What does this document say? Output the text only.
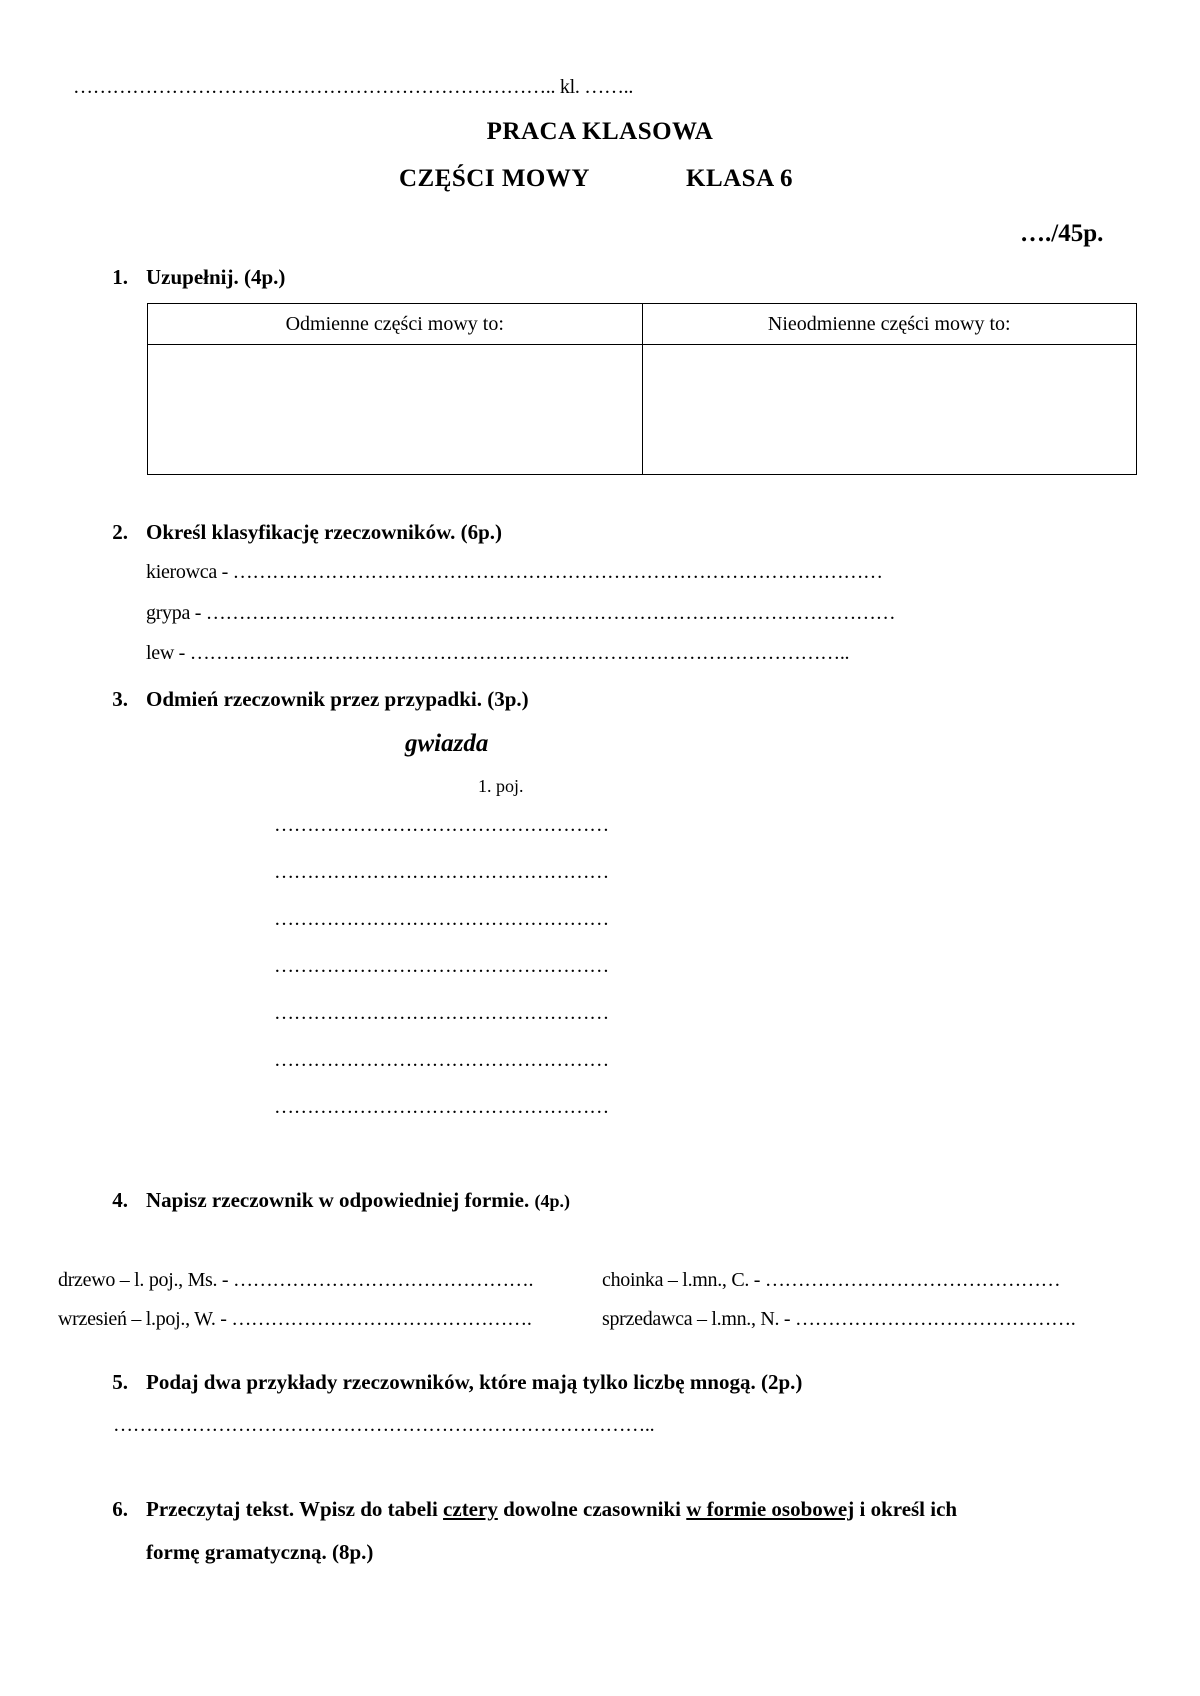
……………………………………………………………….. kl. ……..
PRACA KLASOWA
CZĘŚCI MOWY	KLASA 6
…./45p.
1. Uzupełnij. (4p.)
Odmienne części mowy to:	Nieodmienne części mowy to:

2. Określ klasyfikację rzeczowników. (6p.)
kierowca - ………………………………………………………………………………………
grypa - ……………………………………………………………………………………………
lew - ………………………………………………………………………………………..
3. Odmień rzeczownik przez przypadki. (3p.)
gwiazda
1. poj.
……………………………………………
……………………………………………
……………………………………………
……………………………………………
……………………………………………
……………………………………………
……………………………………………
4. Napisz rzeczownik w odpowiedniej formie. (4p.)
drzewo – l. poj., Ms. - ……………………………………….	choinka – l.mn., C. - ………………………………………
wrzesień – l.poj., W. - ……………………………………….	sprzedawca – l.mn., N. - …………………………………….
5. Podaj dwa przykłady rzeczowników, które mają tylko liczbę mnogą. (2p.)
………………………………………………………………………..
6. Przeczytaj tekst. Wpisz do tabeli cztery dowolne czasowniki w formie osobowej i określ ich
formę gramatyczną. (8p.)
